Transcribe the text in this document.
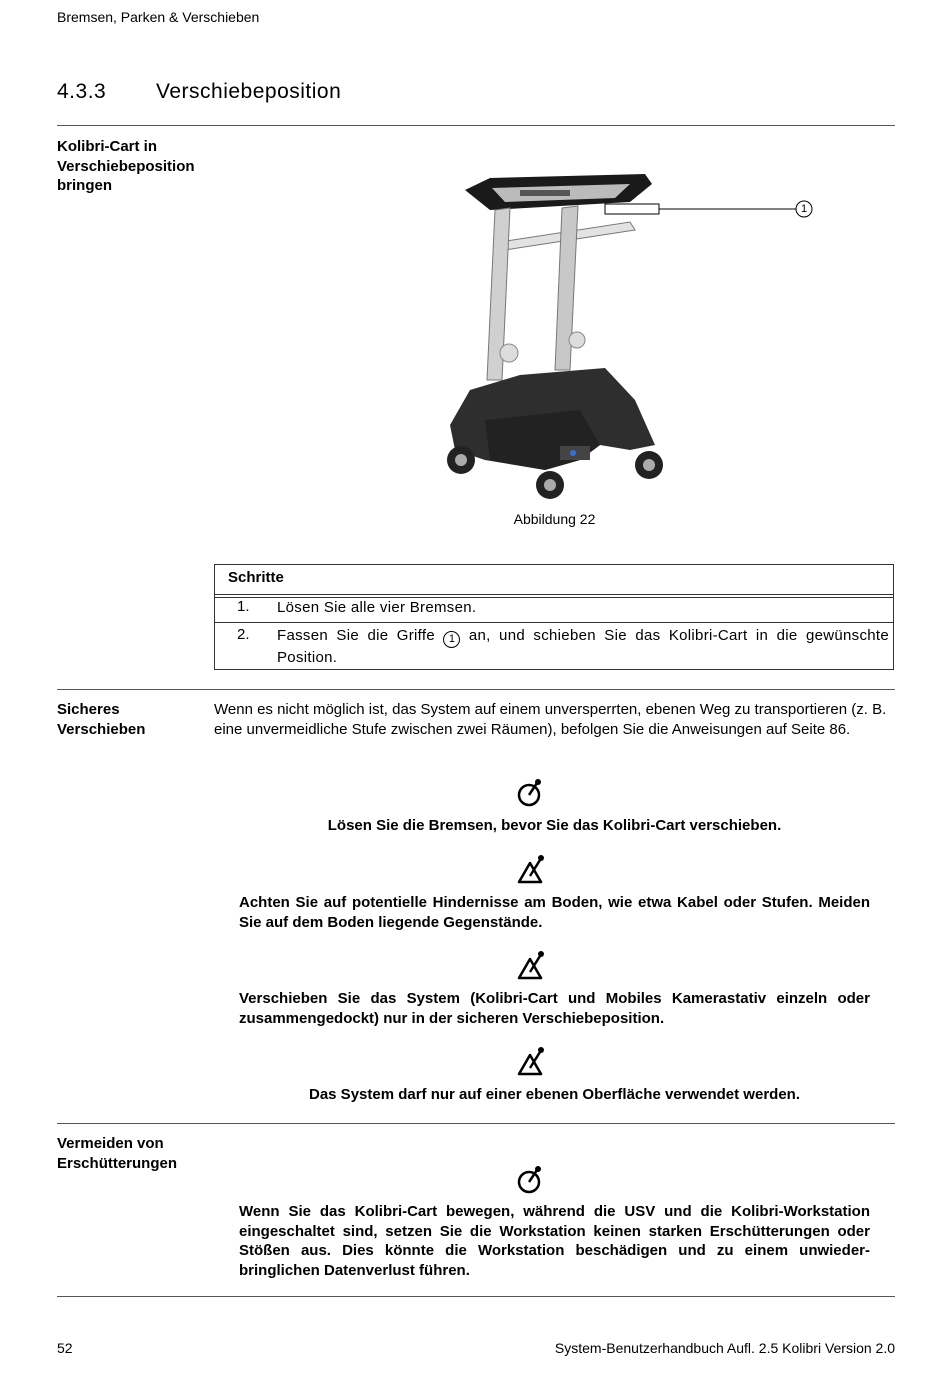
Bremsen, Parken & Verschieben
4.3.3 Verschiebeposition
Kolibri-Cart in Verschiebeposition bringen
1
Abbildung 22
Schritte
1. Lösen Sie alle vier Bremsen.
2. Fassen Sie die Griffe 1 an, und schieben Sie das Kolibri-Cart in die gewünschte Position.
Sicheres Verschieben
Wenn es nicht möglich ist, das System auf einem unversperrten, ebenen Weg zu transportieren (z. B. eine unvermeidliche Stufe zwischen zwei Räumen), befolgen Sie die Anweisungen auf Seite 86.
Lösen Sie die Bremsen, bevor Sie das Kolibri-Cart verschieben.
Achten Sie auf potentielle Hindernisse am Boden, wie etwa Kabel oder Stufen. Meiden Sie auf dem Boden liegende Gegenstände.
Verschieben Sie das System (Kolibri-Cart und Mobiles Kamerastativ einzeln oder zusammengedockt) nur in der sicheren Verschiebeposition.
Das System darf nur auf einer ebenen Oberfläche verwendet werden.
Vermeiden von Erschütterungen
Wenn Sie das Kolibri-Cart bewegen, während die USV und die Kolibri-Workstation eingeschaltet sind, setzen Sie die Workstation keinen starken Erschütterungen oder Stößen aus. Dies könnte die Workstation beschädigen und zu einem unwieder-bringlichen Datenverlust führen.
52	System-Benutzerhandbuch Aufl. 2.5 Kolibri Version 2.0
